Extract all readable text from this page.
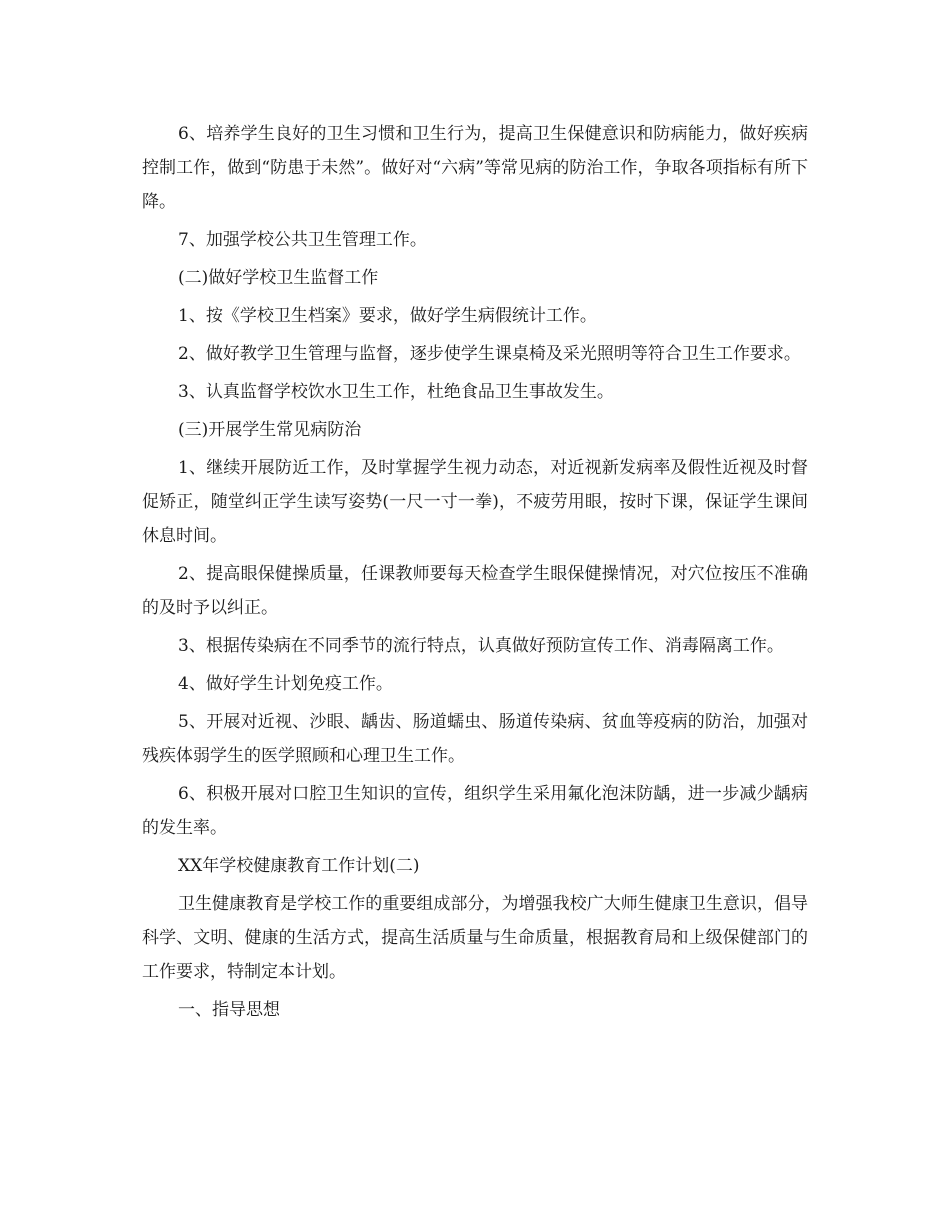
6、培养学生良好的卫生习惯和卫生行为，提高卫生保健意识和防病能力，做好疾病控制工作，做到“防患于未然”。做好对“六病”等常见病的防治工作，争取各项指标有所下降。

7、加强学校公共卫生管理工作。

(二)做好学校卫生监督工作

1、按《学校卫生档案》要求，做好学生病假统计工作。

2、做好教学卫生管理与监督，逐步使学生课桌椅及采光照明等符合卫生工作要求。

3、认真监督学校饮水卫生工作，杜绝食品卫生事故发生。

(三)开展学生常见病防治

1、继续开展防近工作，及时掌握学生视力动态，对近视新发病率及假性近视及时督促矫正，随堂纠正学生读写姿势(一尺一寸一拳)，不疲劳用眼，按时下课，保证学生课间休息时间。

2、提高眼保健操质量，任课教师要每天检查学生眼保健操情况，对穴位按压不准确的及时予以纠正。

3、根据传染病在不同季节的流行特点，认真做好预防宣传工作、消毒隔离工作。

4、做好学生计划免疫工作。

5、开展对近视、沙眼、龋齿、肠道蠕虫、肠道传染病、贫血等疫病的防治，加强对残疾体弱学生的医学照顾和心理卫生工作。

6、积极开展对口腔卫生知识的宣传，组织学生采用氟化泡沫防龋，进一步减少龋病的发生率。

XX年学校健康教育工作计划(二)

卫生健康教育是学校工作的重要组成部分，为增强我校广大师生健康卫生意识，倡导科学、文明、健康的生活方式，提高生活质量与生命质量，根据教育局和上级保健部门的工作要求，特制定本计划。

一、指导思想
